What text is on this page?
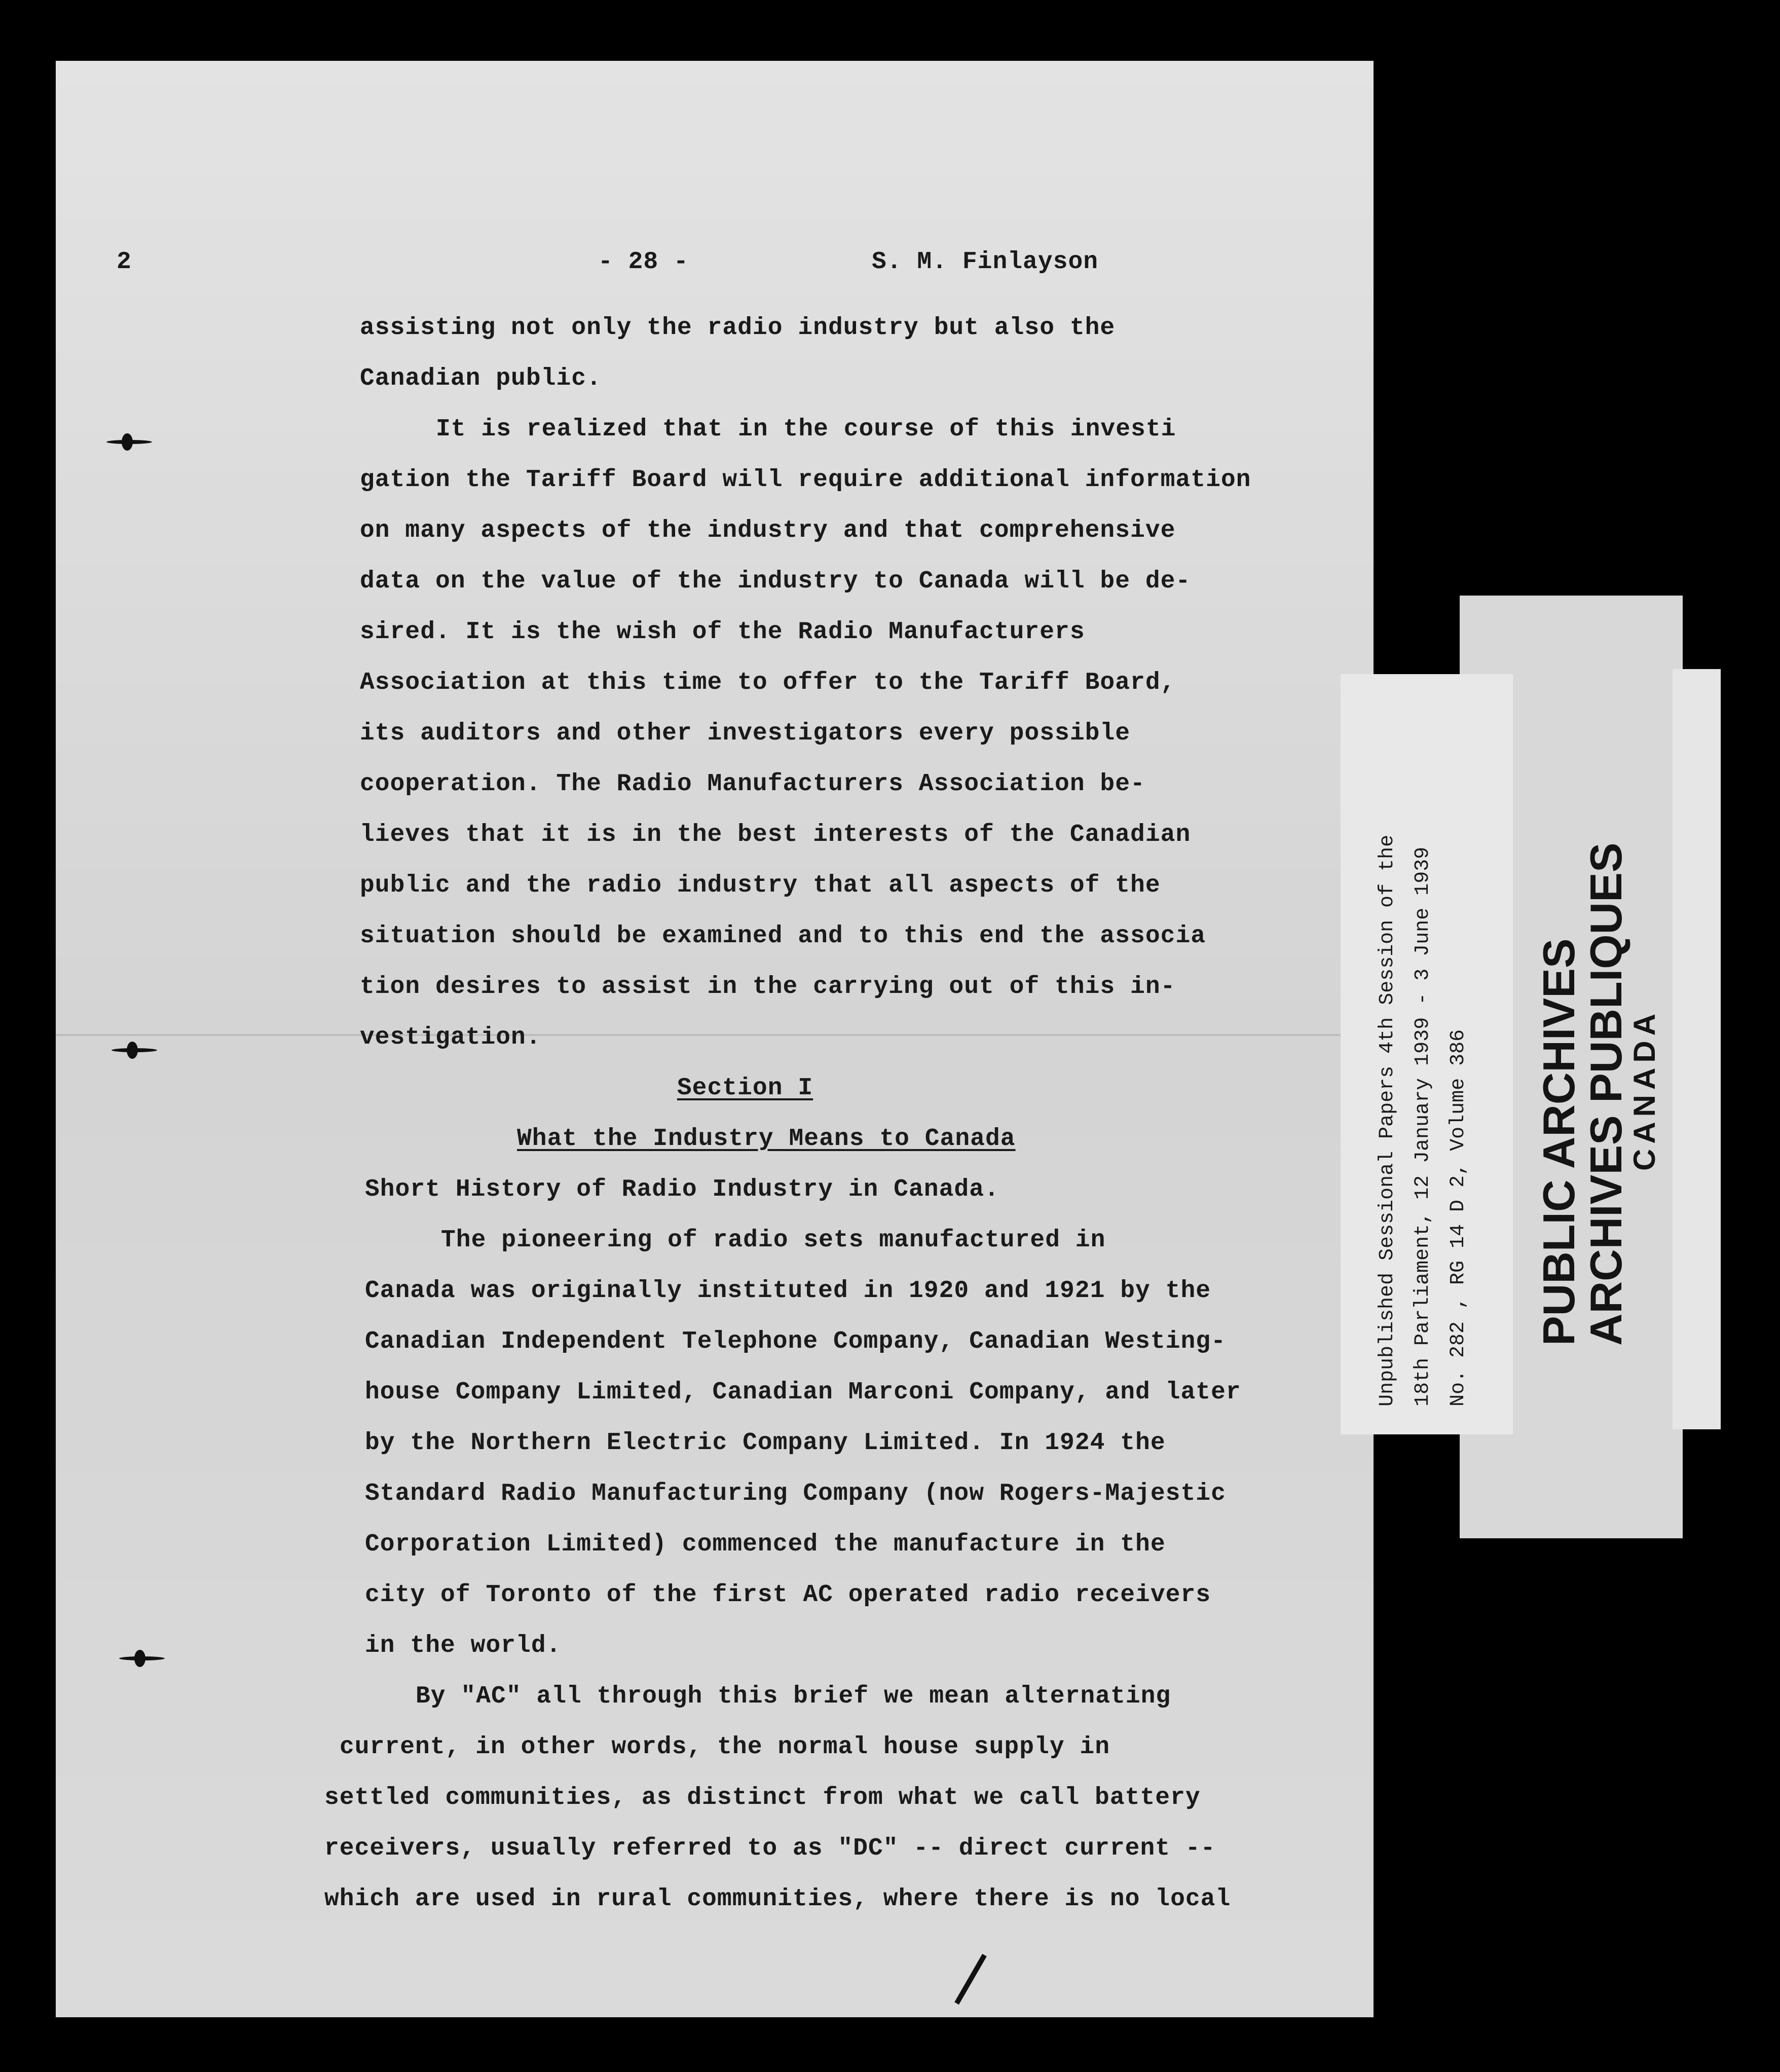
2	- 28 -	S. M. Finlayson
assisting not only the radio industry but also the
Canadian public.
It is realized that in the course of this investi
gation the Tariff Board will require additional information
on many aspects of the industry and that comprehensive
data on the value of the industry to Canada will be de-
sired. It is the wish of the Radio Manufacturers
Association at this time to offer to the Tariff Board,
its auditors and other investigators every possible
cooperation. The Radio Manufacturers Association be-
lieves that it is in the best interests of the Canadian
public and the radio industry that all aspects of the
situation should be examined and to this end the associa
tion desires to assist in the carrying out of this in-
vestigation.
Section I
What the Industry Means to Canada
Short History of Radio Industry in Canada.
The pioneering of radio sets manufactured in
Canada was originally instituted in 1920 and 1921 by the
Canadian Independent Telephone Company, Canadian Westing-
house Company Limited, Canadian Marconi Company, and later
by the Northern Electric Company Limited. In 1924 the
Standard Radio Manufacturing Company (now Rogers-Majestic
Corporation Limited) commenced the manufacture in the
city of Toronto of the first AC operated radio receivers
in the world.
By "AC" all through this brief we mean alternating
current, in other words, the normal house supply in
settled communities, as distinct from what we call battery
receivers, usually referred to as "DC" -- direct current --
which are used in rural communities, where there is no local
Unpublished Sessional Papers 4th Session of the 18th Parliament, 12 January 1939 - 3 June 1939 No. 282 , RG 14 D 2, Volume 386 PUBLIC ARCHIVES
ARCHIVES PUBLIQUES
CANADA
